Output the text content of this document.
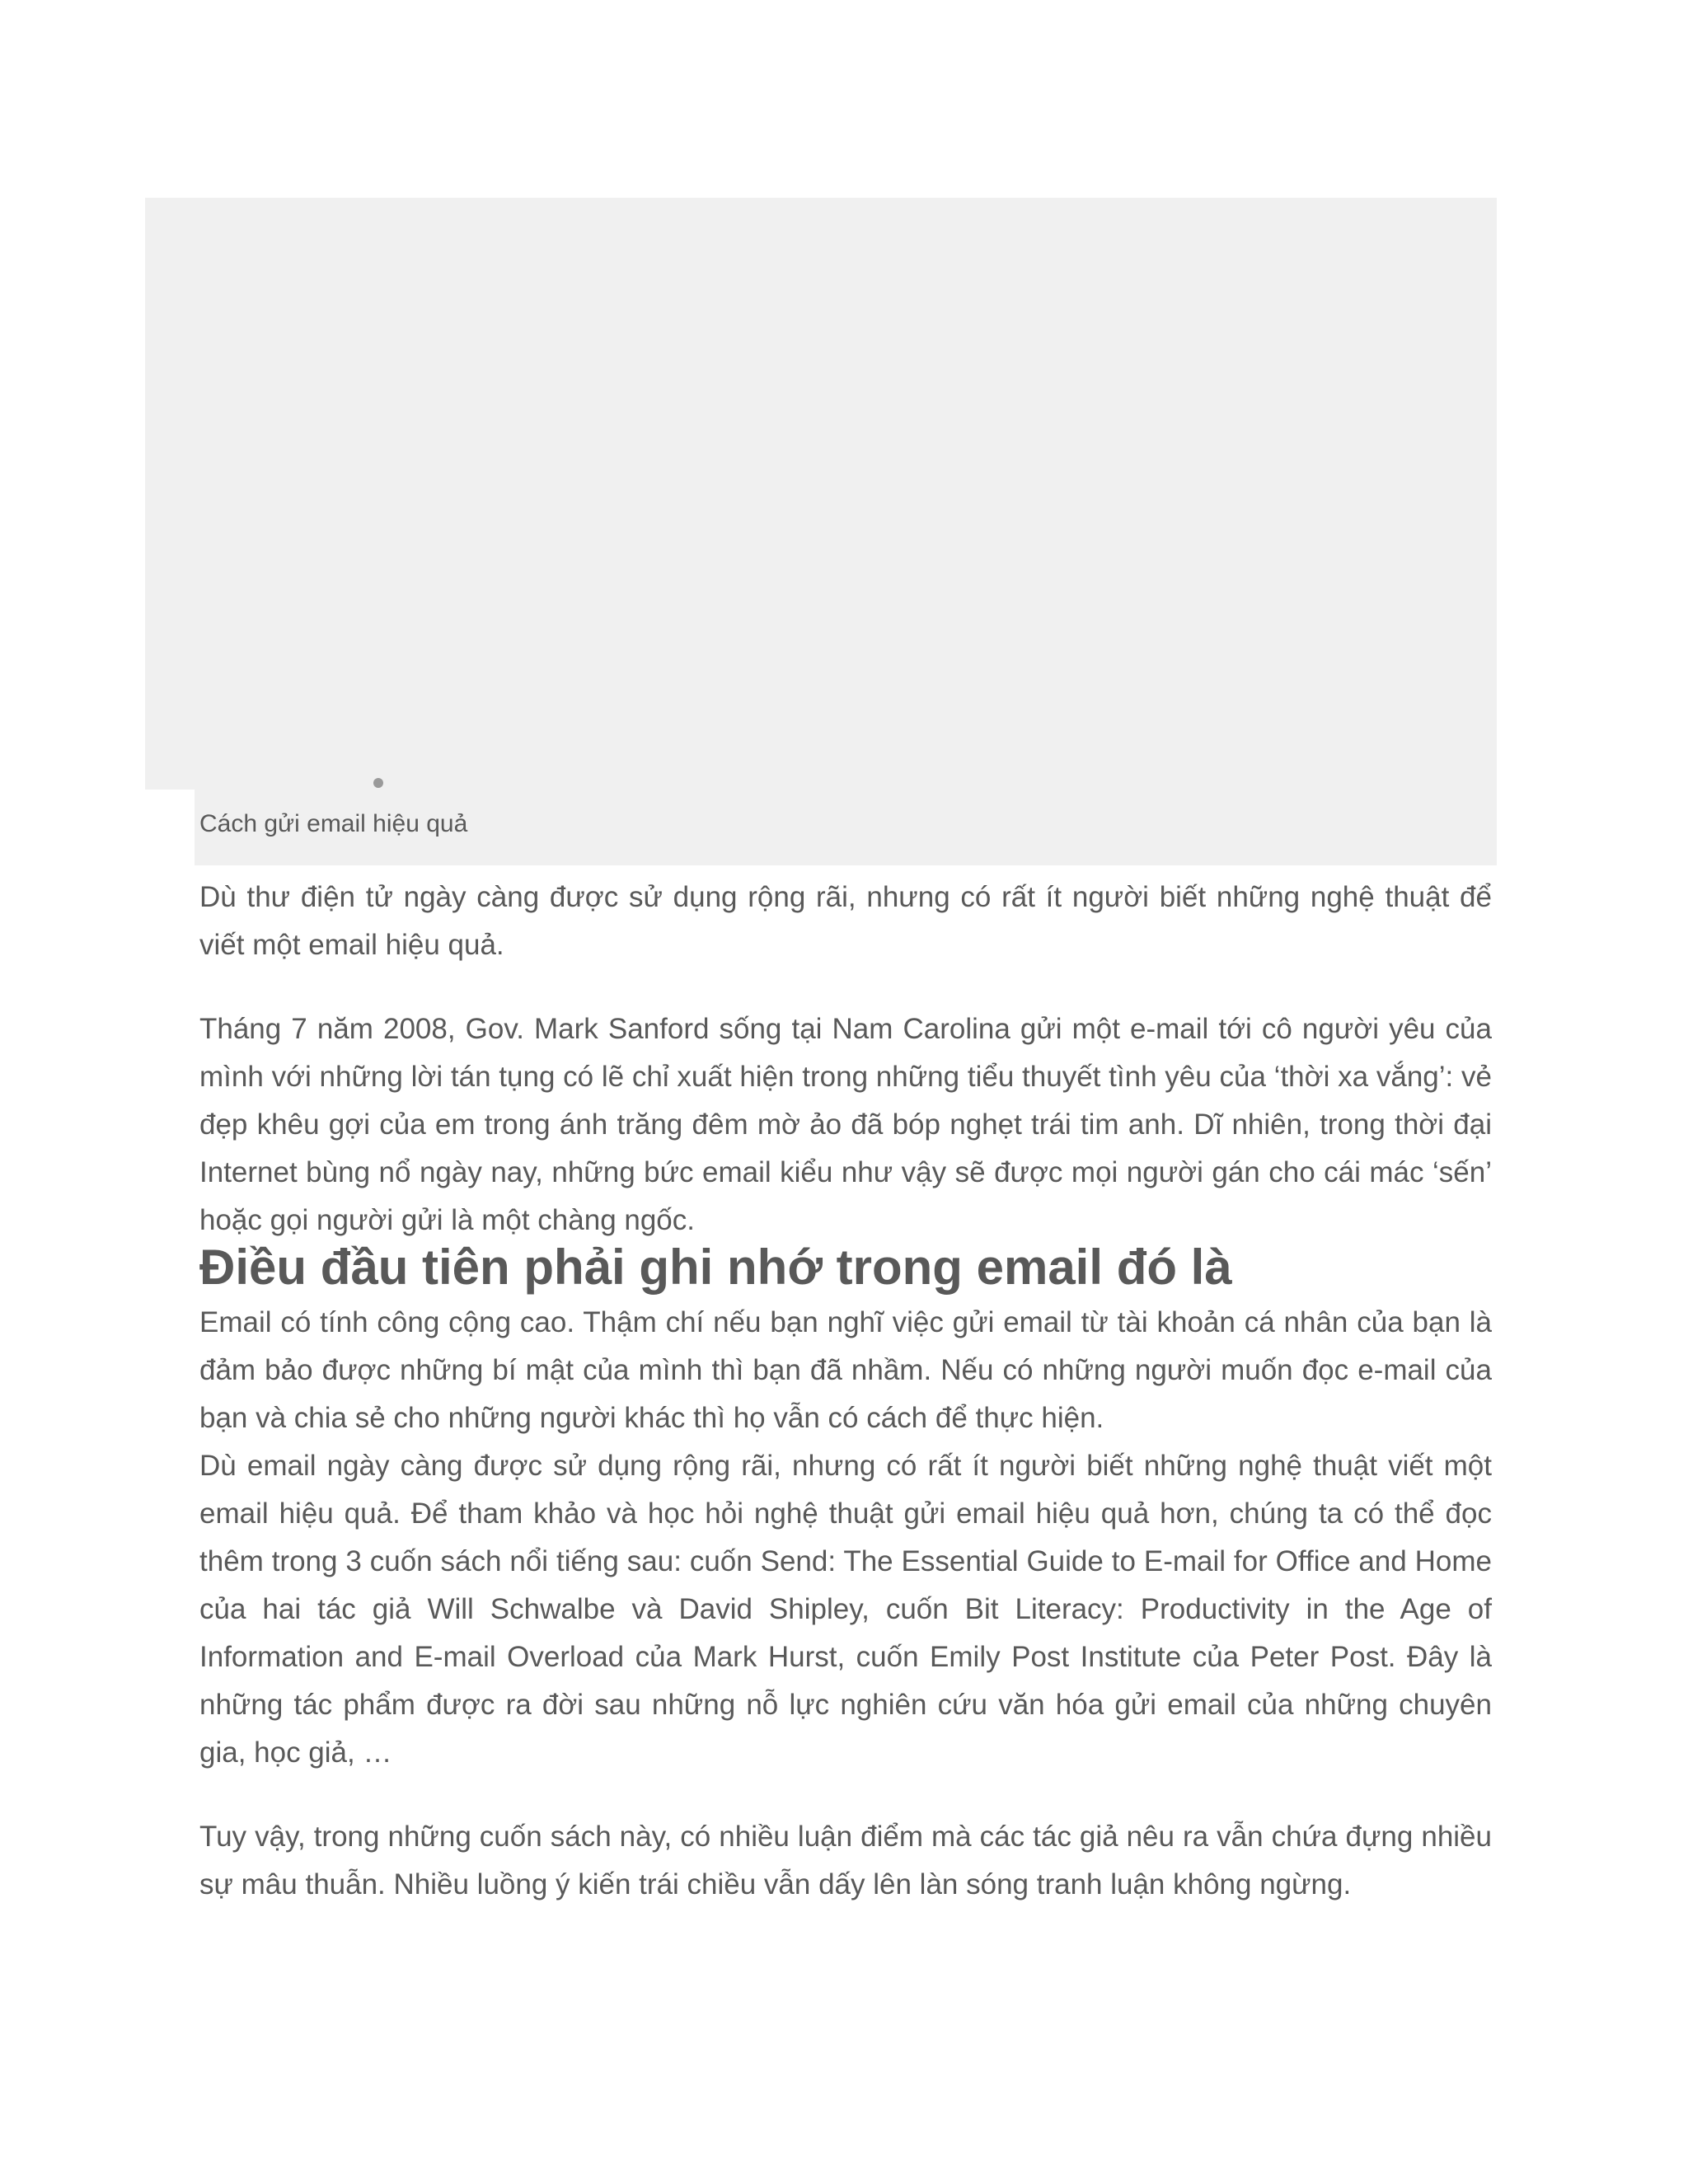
Cách gửi email hiệu quả

Dù thư điện tử ngày càng được sử dụng rộng rãi, nhưng có rất ít người biết những nghệ thuật để viết một email hiệu quả.

Tháng 7 năm 2008, Gov. Mark Sanford sống tại Nam Carolina gửi một e-mail tới cô người yêu của mình với những lời tán tụng có lẽ chỉ xuất hiện trong những tiểu thuyết tình yêu của ‘thời xa vắng’: vẻ đẹp khêu gợi của em trong ánh trăng đêm mờ ảo đã bóp nghẹt trái tim anh. Dĩ nhiên, trong thời đại Internet bùng nổ ngày nay, những bức email kiểu như vậy sẽ được mọi người gán cho cái mác ‘sến’ hoặc gọi người gửi là một chàng ngốc.

Điều đầu tiên phải ghi nhớ trong email đó là

Email có tính công cộng cao. Thậm chí nếu bạn nghĩ việc gửi email từ tài khoản cá nhân của bạn là đảm bảo được những bí mật của mình thì bạn đã nhầm. Nếu có những người muốn đọc e-mail của bạn và chia sẻ cho những người khác thì họ vẫn có cách để thực hiện.

Dù email ngày càng được sử dụng rộng rãi, nhưng có rất ít người biết những nghệ thuật viết một email hiệu quả. Để tham khảo và học hỏi nghệ thuật gửi email hiệu quả hơn, chúng ta có thể đọc thêm trong 3 cuốn sách nổi tiếng sau: cuốn Send: The Essential Guide to E-mail for Office and Home của hai tác giả Will Schwalbe và David Shipley, cuốn Bit Literacy: Productivity in the Age of Information and E-mail Overload của Mark Hurst, cuốn Emily Post Institute của Peter Post. Đây là những tác phẩm được ra đời sau những nỗ lực nghiên cứu văn hóa gửi email của những chuyên gia, học giả, …

Tuy vậy, trong những cuốn sách này, có nhiều luận điểm mà các tác giả nêu ra vẫn chứa đựng nhiều sự mâu thuẫn. Nhiều luồng ý kiến trái chiều vẫn dấy lên làn sóng tranh luận không ngừng.
